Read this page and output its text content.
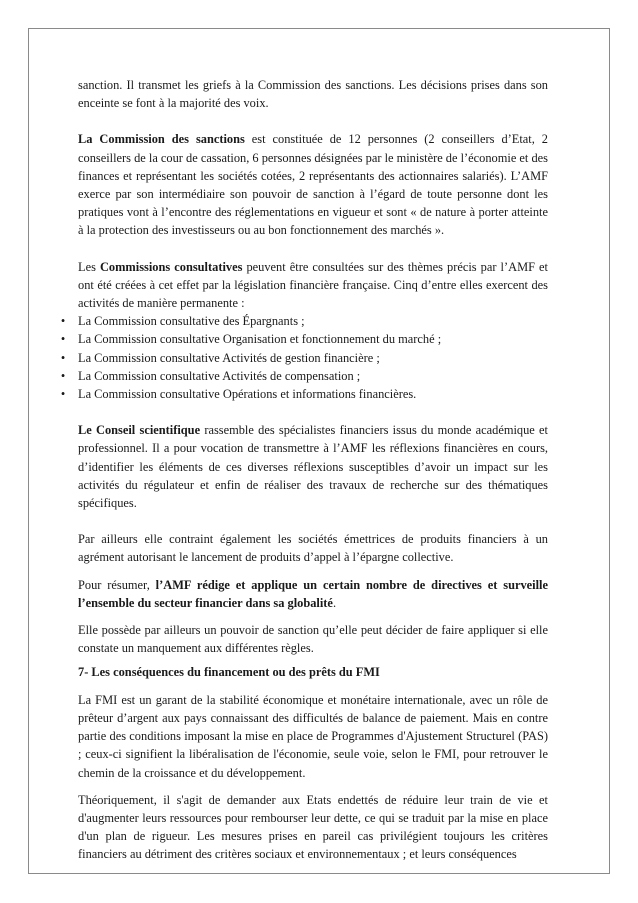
sanction. Il transmet les griefs à la Commission des sanctions. Les décisions prises dans son enceinte se font à la majorité des voix.

La Commission des sanctions est constituée de 12 personnes (2 conseillers d’Etat, 2 conseillers de la cour de cassation, 6 personnes désignées par le ministère de l’économie et des finances et représentant les sociétés cotées, 2 représentants des actionnaires salariés). L’AMF exerce par son intermédiaire son pouvoir de sanction à l’égard de toute personne dont les pratiques vont à l’encontre des réglementations en vigueur et sont « de nature à porter atteinte à la protection des investisseurs ou au bon fonctionnement des marchés ».

Les Commissions consultatives peuvent être consultées sur des thèmes précis par l’AMF et ont été créées à cet effet par la législation financière française. Cinq d’entre elles exercent des activités de manière permanente :

• La Commission consultative des Épargnants ;
• La Commission consultative Organisation et fonctionnement du marché ;
• La Commission consultative Activités de gestion financière ;
• La Commission consultative Activités de compensation ;
• La Commission consultative Opérations et informations financières.

Le Conseil scientifique rassemble des spécialistes financiers issus du monde académique et professionnel. Il a pour vocation de transmettre à l’AMF les réflexions financières en cours, d’identifier les éléments de ces diverses réflexions susceptibles d’avoir un impact sur les activités du régulateur et enfin de réaliser des travaux de recherche sur des thématiques spécifiques.

Par ailleurs elle contraint également les sociétés émettrices de produits financiers à un agrément autorisant le lancement de produits d’appel à l’épargne collective.

Pour résumer, l’AMF rédige et applique un certain nombre de directives et surveille l’ensemble du secteur financier dans sa globalité.

Elle possède par ailleurs un pouvoir de sanction qu’elle peut décider de faire appliquer si elle constate un manquement aux différentes règles.

7- Les conséquences du financement ou des prêts du FMI

La FMI est un garant de la stabilité économique et monétaire internationale, avec un rôle de prêteur d’argent aux pays connaissant des difficultés de balance de paiement. Mais en contre partie des conditions imposant la mise en place de Programmes d'Ajustement Structurel (PAS) ; ceux-ci signifient la libéralisation de l'économie, seule voie, selon le FMI, pour retrouver le chemin de la croissance et du développement.

Théoriquement, il s'agit de demander aux Etats endettés de réduire leur train de vie et d'augmenter leurs ressources pour rembourser leur dette, ce qui se traduit par la mise en place d'un plan de rigueur. Les mesures prises en pareil cas privilégient toujours les critères financiers au détriment des critères sociaux et environnementaux ; et leurs conséquences
